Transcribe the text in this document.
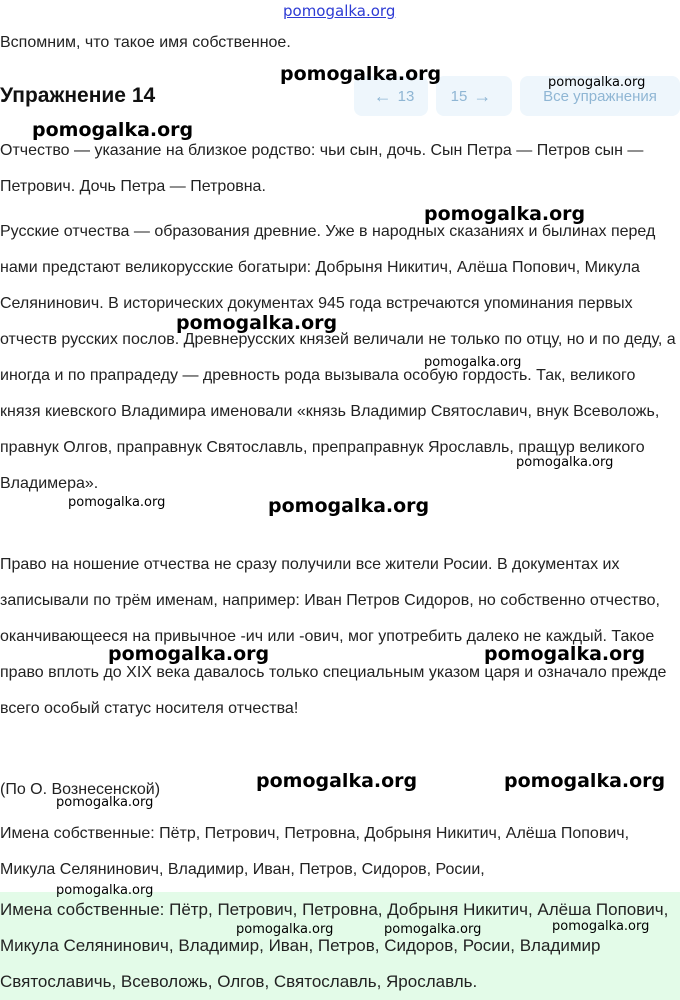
pomogalka.org

Вспомним, что такое имя собственное.

Упражнение 14	← 13 15 →	Все упражнения

Отчество — указание на близкое родство: чьи сын, дочь. Сын Петра — Петров сын — Петрович. Дочь Петра — Петровна.

Русские отчества — образования древние. Уже в народных сказаниях и былинах перед нами предстают великорусские богатыри: Добрыня Никитич, Алёша Попович, Микула Селянинович. В исторических документах 945 года встречаются упоминания первых отчеств русских послов. Древнерусских князей величали не только по отцу, но и по деду, а иногда и по прапрадеду — древность рода вызывала особую гордость. Так, великого князя киевского Владимира именовали «князь Владимир Святославич, внук Всеволожь, правнук Олгов, праправнук Святославль, препраправнук Ярославль, пращур великого Владимера».

Право на ношение отчества не сразу получили все жители Росии. В документах их записывали по трём именам, например: Иван Петров Сидоров, но собственно отчество, оканчивающееся на привычное -ич или -ович, мог употребить далеко не каждый. Такое право вплоть до XIX века давалось только специальным указом царя и означало прежде всего особый статус носителя отчества!

(По О. Вознесенской)

Имена собственные: Пётр, Петрович, Петровна, Добрыня Никитич, Алёша Попович, Микула Селянинович, Владимир, Иван, Петров, Сидоров, Росии,

Имена собственные: Пётр, Петрович, Петровна, Добрыня Никитич, Алёша Попович, Микула Селянинович, Владимир, Иван, Петров, Сидоров, Росии, Владимир Святославичь, Всеволожь, Олгов, Святославль, Ярославль.

pomogalka.org	pomogalka.org
pomogalka.org
pomogalka.org
pomogalka.org
pomogalka.org
pomogalka.org
pomogalka.org	pomogalka.org
pomogalka.org	pomogalka.org
pomogalka.org	pomogalka.org
pomogalka.org
pomogalka.org
pomogalka.org	pomogalka.org	pomogalka.org
